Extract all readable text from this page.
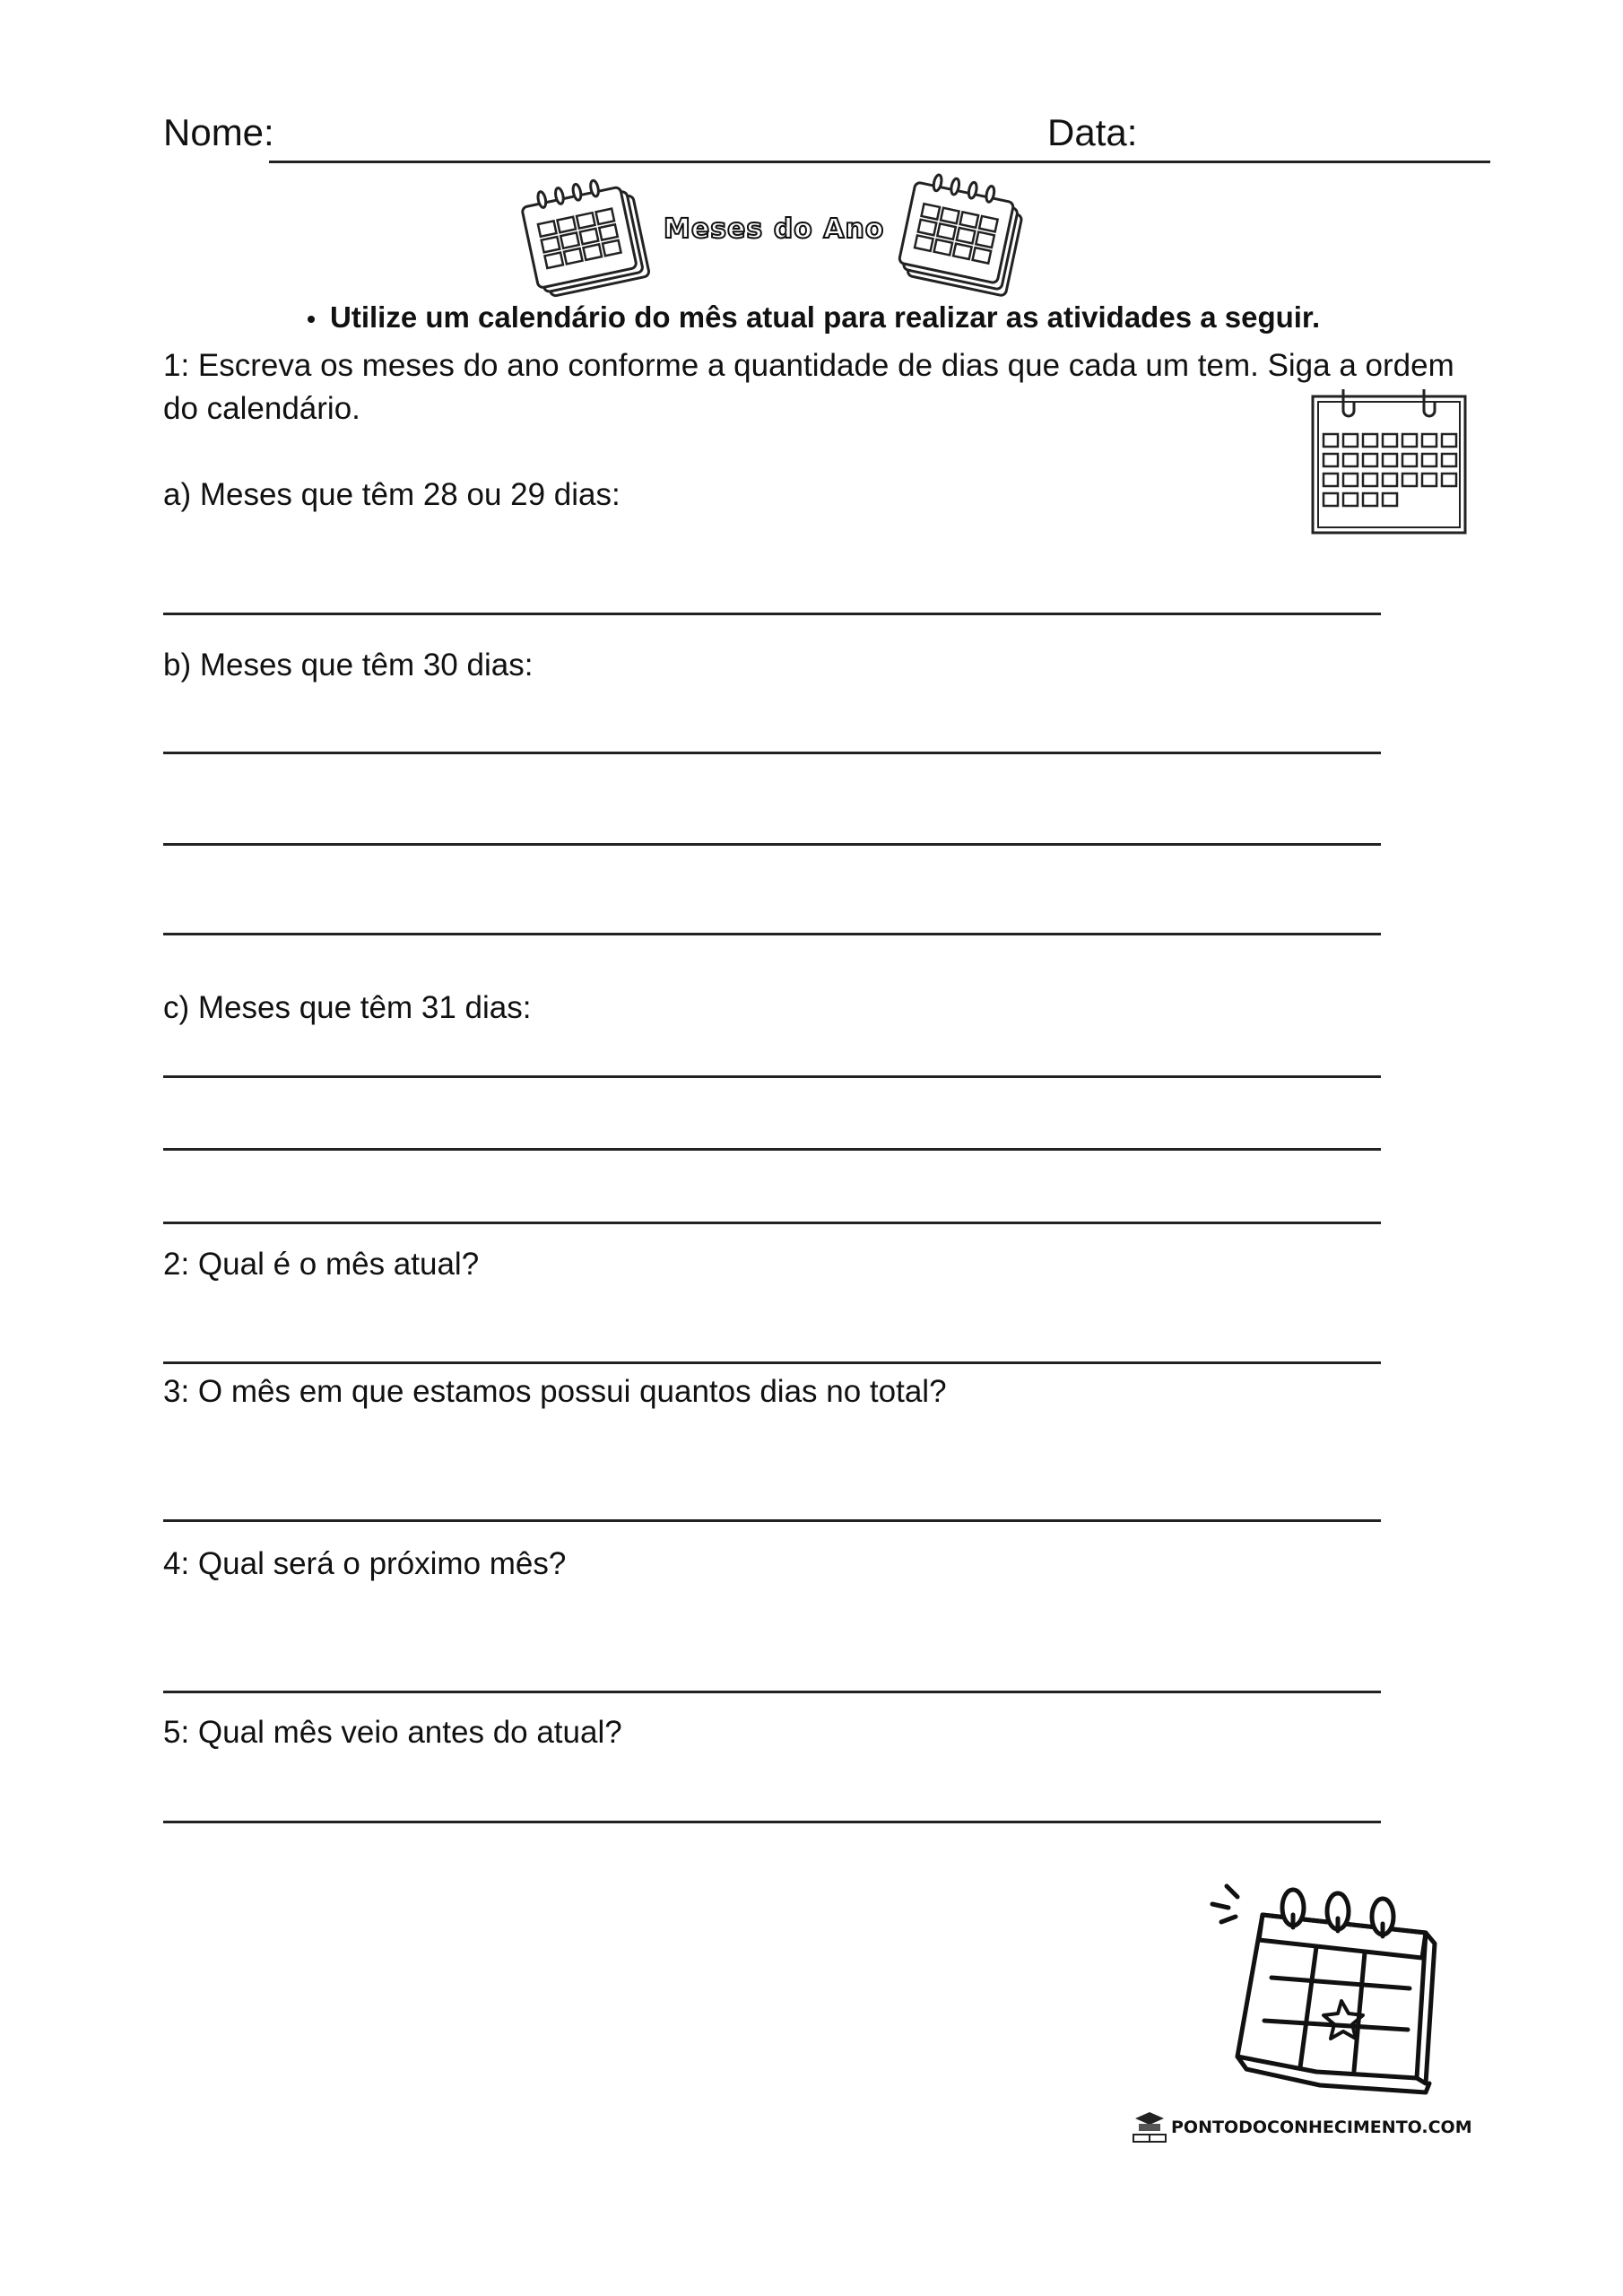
Nome:	Data:
Meses do Ano
Utilize um calendário do mês atual para realizar as atividades a seguir.
1: Escreva os meses do ano conforme a quantidade de dias que cada um tem. Siga a ordem do calendário.
a) Meses que têm 28 ou 29 dias:
b) Meses que têm 30 dias:
c) Meses que têm 31 dias:
2: Qual é o mês atual?
3: O mês em que estamos possui quantos dias no total?
4: Qual será o próximo mês?
5: Qual mês veio antes do atual?
PONTODOCONHECIMENTO.COM
